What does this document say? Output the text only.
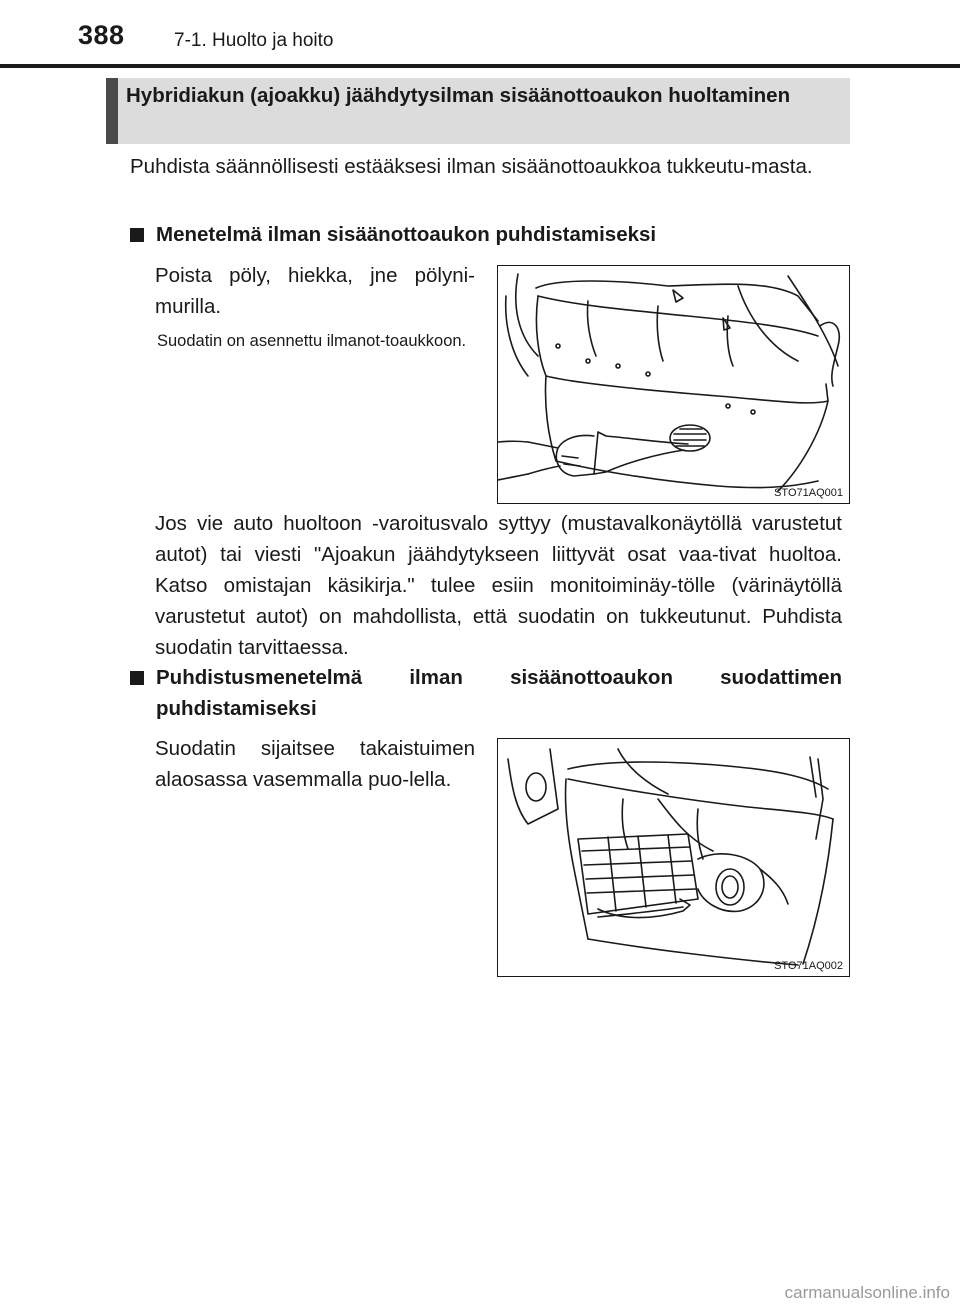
388	7-1. Huolto ja hoito
Hybridiakun (ajoakku) jäähdytysilman sisäänottoaukon huoltaminen

Puhdista säännöllisesti estääksesi ilman sisäänottoaukkoa tukkeutu-masta.

Menetelmä ilman sisäänottoaukon puhdistamiseksi

Poista pöly, hiekka, jne pölyni-murilla.

Suodatin on asennettu ilmanot-toaukkoon.

STO71AQ001

Jos vie auto huoltoon -varoitusvalo syttyy (mustavalkonäytöllä varustetut autot) tai viesti "Ajoakun jäähdytykseen liittyvät osat vaa-tivat huoltoa. Katso omistajan käsikirja." tulee esiin monitoiminäy-tölle (värinäytöllä varustetut autot) on mahdollista, että suodatin on tukkeutunut. Puhdista suodatin tarvittaessa.

Puhdistusmenetelmä ilman sisäänottoaukon suodattimen
puhdistamiseksi

Suodatin sijaitsee takaistuimen alaosassa vasemmalla puo-lella.

STO71AQ002
carmanualsonline.info
